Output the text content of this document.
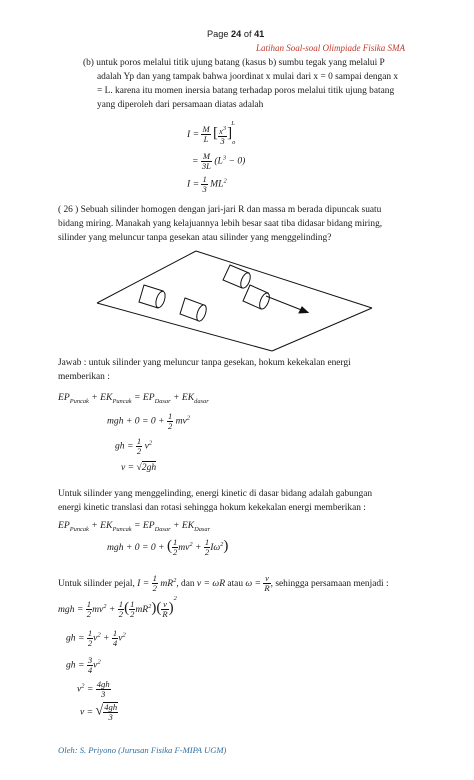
Page 24 of 41
Latihan Soal-soal Olimpiade Fisika SMA
(b) untuk poros melalui titik ujung batang (kasus b) sumbu tegak yang melalui P
adalah Yp dan yang tampak bahwa joordinat x mulai dari x = 0 sampai dengan x
= L. karena itu momen inersia batang terhadap poros melalui titik ujung batang
yang diperoleh dari persamaan diatas adalah
$I = \frac{M}{L}$ [ $\frac{x^3}{3} ]_o^L$
= $\frac{M}{3L} (L^3 - 0)$
$I = \frac{1}{3} ML^2$
( 26 ) Sebuah silinder homogen dengan jari-jari R dan massa m berada dipuncak suatu
bidang miring. Manakah yang kelajuannya lebih besar saat tiba didasar bidang miring,
silinder yang meluncur tanpa gesekan atau silinder yang menggelinding?
Jawab : untuk silinder yang meluncur tanpa gesekan, hokum kekekalan energi
memberikan :
$EP_{Puncak} + EK_{Puncak} = EP_{Dasar} + EK_{dasar}$
mgh + $0 = 0 + \frac{1}{2} mv^2$
gh = $\frac{1}{2} v^2$
v = √2gh
Untuk silinder yang menggelinding, energi kinetic di dasar bidang adalah gabungan
energi kinetic translasi dan rotasi sehingga hokum kekekalan energi memberikan :
$EP_{Puncak} + EK_{Puncak} = EP_{Dasar} + EK_{Dasar}$
mgh + 0 = 0 + ( $\frac{1}{2} mv^2 + \frac{1}{2} I\omega^2$)
Untuk silinder pejal, $I = \frac{1}{2} mR^2$, dan v = ωR atau $\omega = \frac{v}{R}$ , sehingga persamaan menjadi :
mgh = $\frac{1}{2} mv^2 + \frac{1}{2}$ ( $\frac{1}{2} mR^2)( \frac{v}{R} )^2$
gh = $\frac{1}{2} v^2 + \frac{1}{4} v^2$
gh = $\frac{3}{4} v^2$
$v^2 = \frac{4gh}{3}$
v = √ $\frac{4gh}{3}$
Oleh: S. Priyono (Jurusan Fisika F-MIPA UGM)
